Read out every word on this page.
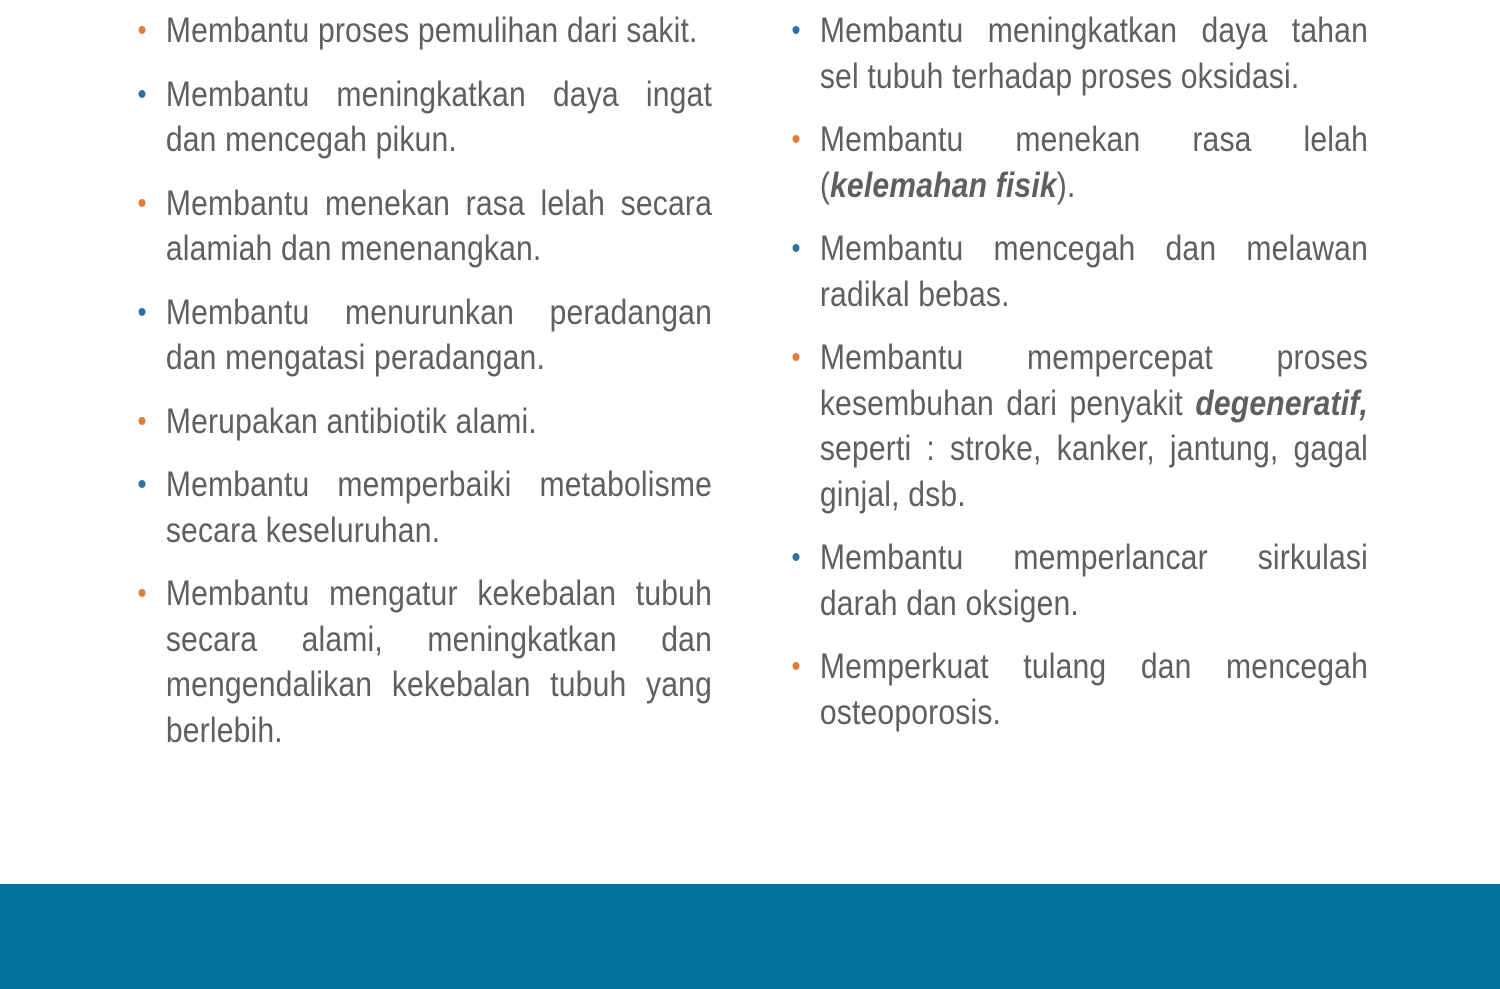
• Membantu proses pemulihan dari sakit.
• Membantu meningkatkan daya ingat dan mencegah pikun.
• Membantu menekan rasa lelah secara alamiah dan menenangkan.
• Membantu menurunkan peradangan dan mengatasi peradangan.
• Merupakan antibiotik alami.
• Membantu memperbaiki metabolisme secara keseluruhan.
• Membantu mengatur kekebalan tubuh secara alami, meningkatkan dan mengendalikan kekebalan tubuh yang berlebih.
• Membantu meningkatkan daya tahan sel tubuh terhadap proses oksidasi.
• Membantu menekan rasa lelah (kelemahan fisik).
• Membantu mencegah dan melawan radikal bebas.
• Membantu mempercepat proses kesembuhan dari penyakit degeneratif, seperti : stroke, kanker, jantung, gagal ginjal, dsb.
• Membantu memperlancar sirkulasi darah dan oksigen.
• Memperkuat tulang dan mencegah osteoporosis.
